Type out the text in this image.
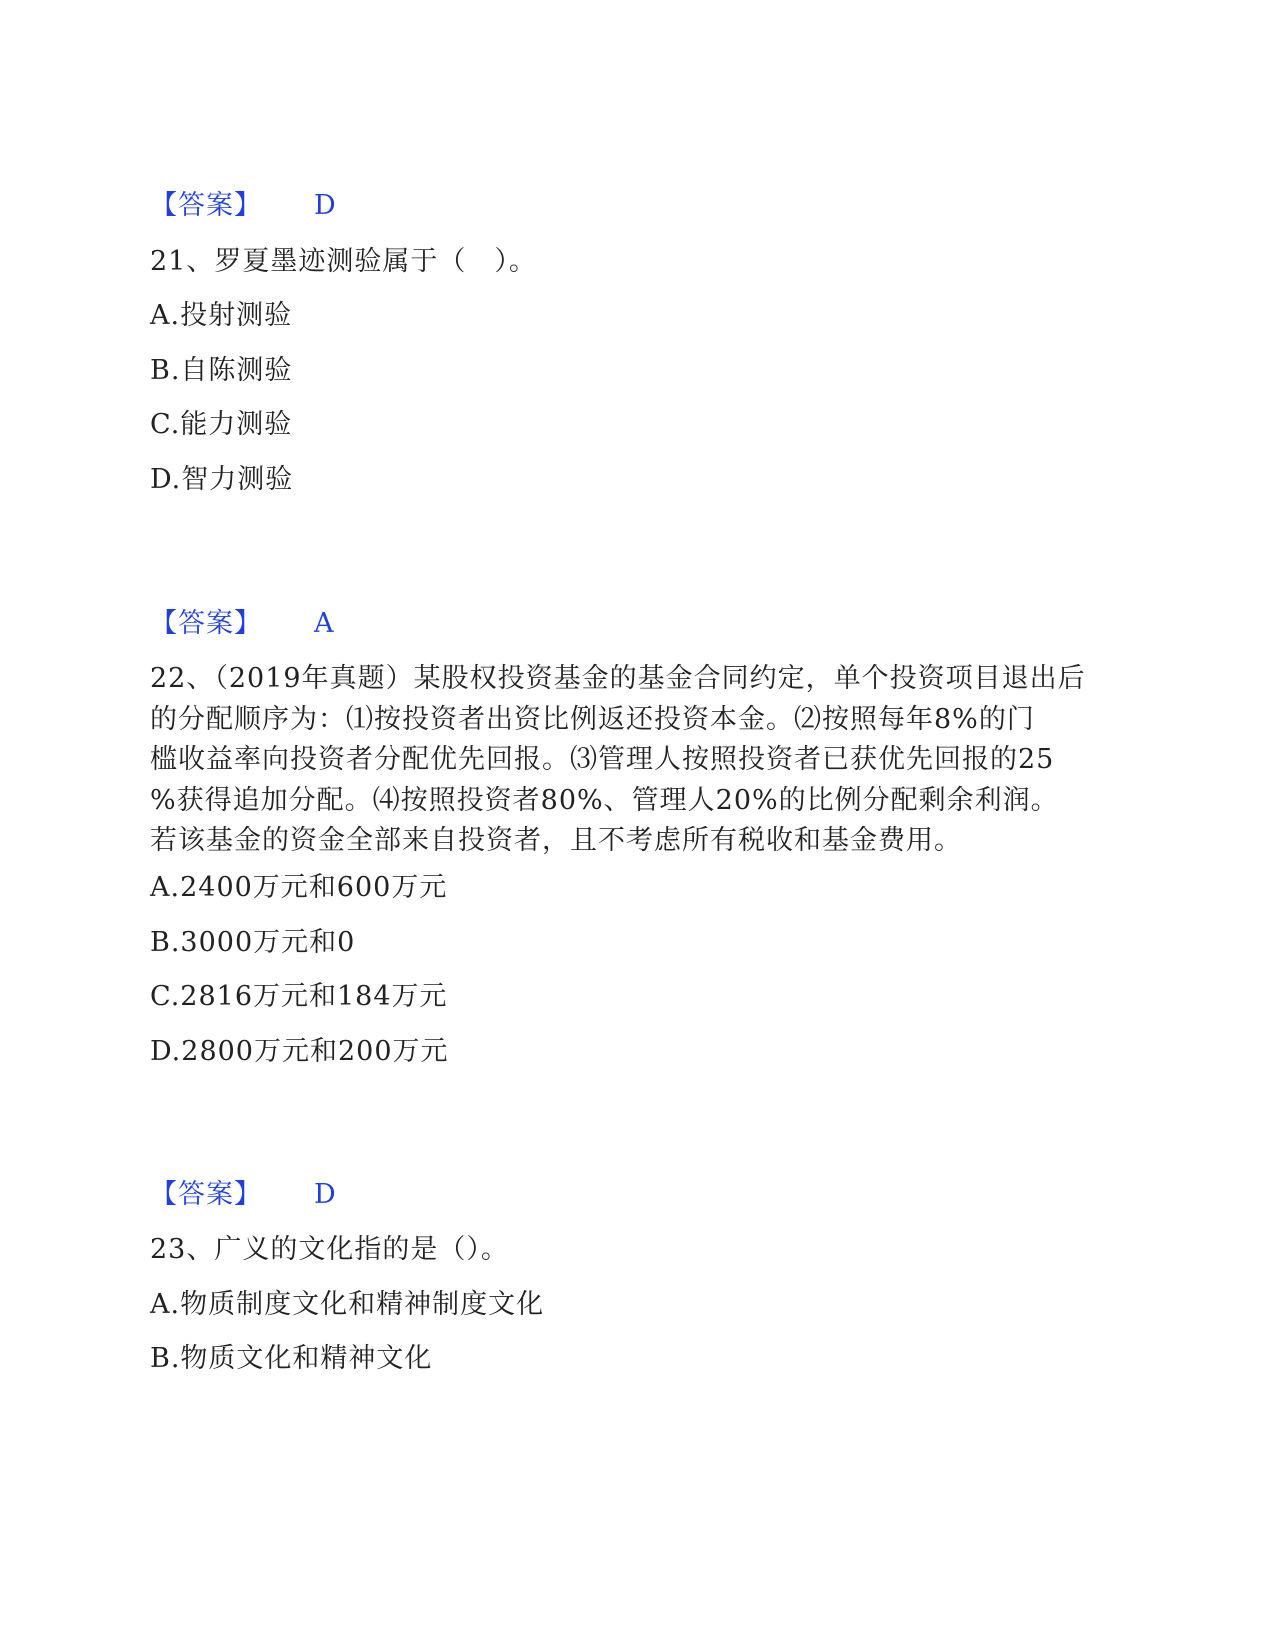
【答案】 D
21、罗夏墨迹测验属于（　）。
A.投射测验
B.自陈测验
C.能力测验
D.智力测验
【答案】 A
22、（2019年真题）某股权投资基金的基金合同约定，单个投资项目退出后
的分配顺序为：⑴按投资者出资比例返还投资本金。⑵按照每年8%的门
槛收益率向投资者分配优先回报。⑶管理人按照投资者已获优先回报的25
%获得追加分配。⑷按照投资者80%、管理人20%的比例分配剩余利润。
若该基金的资金全部来自投资者，且不考虑所有税收和基金费用。
A.2400万元和600万元
B.3000万元和0
C.2816万元和184万元
D.2800万元和200万元
【答案】 D
23、广义的文化指的是（）。
A.物质制度文化和精神制度文化
B.物质文化和精神文化
